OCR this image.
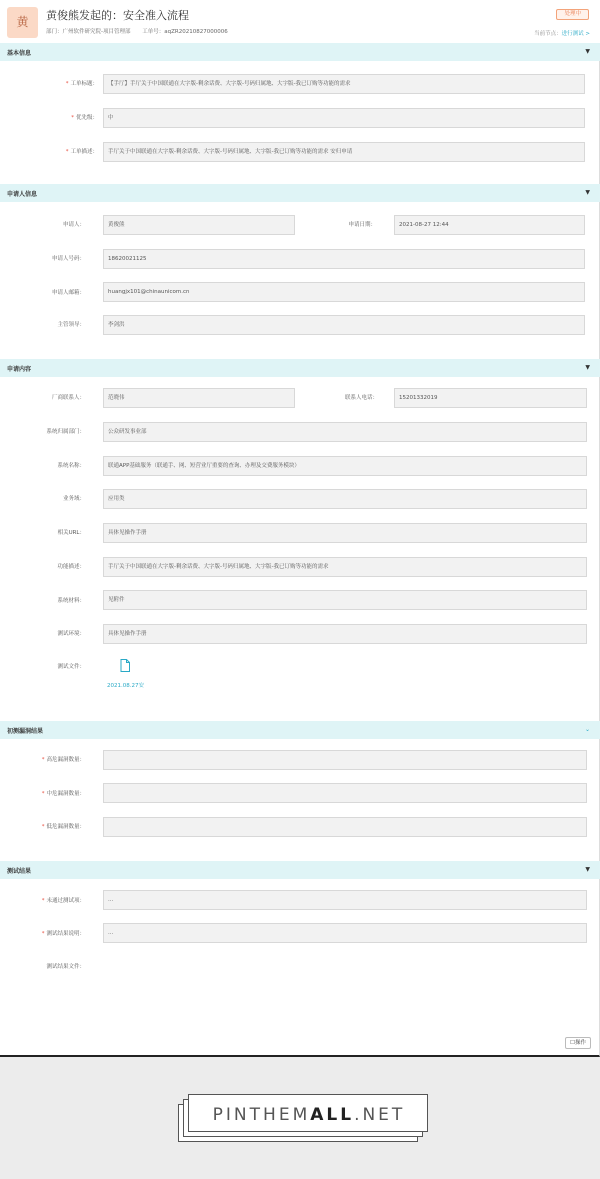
黄	黄俊熊发起的：安全准入流程
部门：广州软件研究院-项目管理部 工单号：aqZR20210827000006
处理中
当前节点：进行测试 >
基本信息	▼
* 工单标题：	【手厅】手厅关于中国联通在大字版-剩余话费、大字版-号码归属地、大字版-我已订购等功能的需求
* 优先级：	中
* 工单描述：	手厅关于中国联通在大字版-剩余话费、大字版-号码归属地、大字版-我已订购等功能的需求 安归申请
申请人信息	▼
申请人：	黄俊熊	申请日期：	2021-08-27 12:44
申请人号码：	18620021125
申请人邮箱：	huangjx101@chinaunicom.cn
主管领导：	李剑洪
申请内容	▼
厂商联系人：	范晓伟	联系人电话：	15201332019
系统归属部门：	公众研发事业部
系统名称：	联通APP基础服务（联通手、网、短营业厅重要的查询、办理及交费服务模块）
业务域：	应用类
相关URL：	具体见操作手册
功能描述：	手厅关于中国联通在大字版-剩余话费、大字版-号码归属地、大字版-我已订购等功能的需求
系统材料：	见附件
测试环境：	具体见操作手册
测试文件：
2021.08.27安
初测漏洞结果	⌄
* 高危漏洞数量：
* 中危漏洞数量：
* 低危漏洞数量：
测试结果	▼
* 未通过测试项：	...
* 测试结果说明：	...
测试结果文件：
☐操作
PINTHEMALL.NET
